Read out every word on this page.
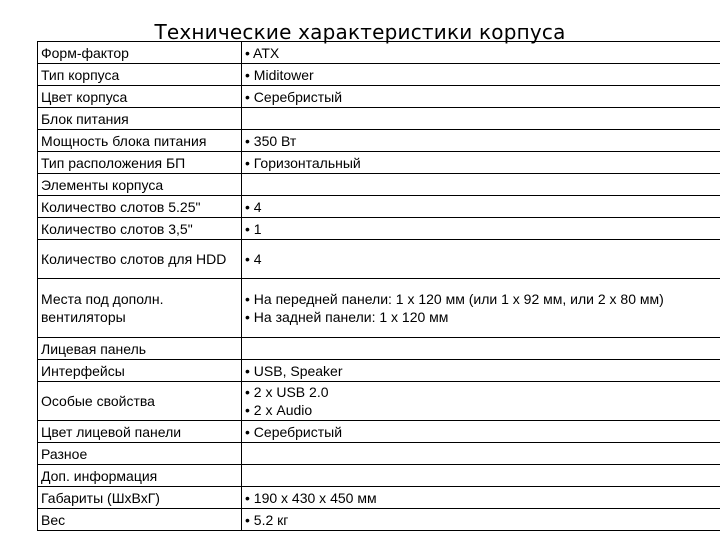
Технические характеристики корпуса
Форм-фактор	• ATX

Тип корпуса	• Miditower

Цвет корпуса	• Серебристый

Блок питания	
Мощность блока питания	• 350 Вт

Тип расположения БП	• Горизонтальный

Элементы корпуса	
Количество слотов 5.25"	• 4

Количество слотов 3,5"	• 1

Количество слотов для HDD	• 4

Места под дополн. вентиляторы	• На передней панели: 1 х 120 мм (или 1 х 92 мм, или 2 х 80 мм)
• На задней панели: 1 х 120 мм

Лицевая панель	
Интерфейсы	• USB, Speaker

Особые свойства	• 2 х USB 2.0
• 2 х Audio

Цвет лицевой панели	• Серебристый

Разное	
Доп. информация	
Габариты (ШхВхГ)	• 190 х 430 х 450 мм

Вес	• 5.2 кг
